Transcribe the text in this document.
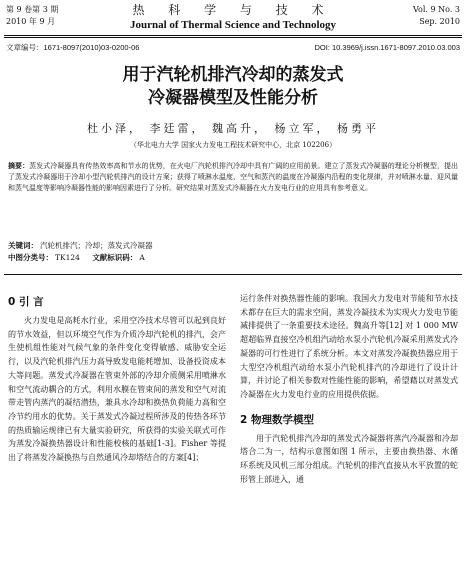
第 9 卷第 3 期
2010 年 9 月
热 科 学 与 技 术
Journal of Thermal Science and Technology
Vol. 9 No. 3
Sep. 2010
文章编号：1671-8097(2010)03-0200-06	DOI: 10.3969/j.issn.1671-8097.2010.03.003
用于汽轮机排汽冷却的蒸发式
冷凝器模型及性能分析
杜小泽， 李廷雷， 魏高升， 杨立军， 杨勇平
（华北电力大学 国家火力发电工程技术研究中心，北京 102206）
摘要：蒸发式冷凝器具有传热效率高和节水的优势，在火电厂汽轮机排汽冷却中具有广阔的应用前景。建立了蒸发式冷凝器的理论分析模型，提出了蒸发式冷凝器用于冷却小型汽轮机排汽的设计方案；获得了喷淋水温度、空气和蒸汽的温度在冷凝器内沿程的变化规律，并对喷淋水量、迎风量和蒸气温度等影响冷凝器性能的影响因素进行了分析。研究结果对蒸发式冷凝器在火力发电行业的应用具有参考意义。
关键词： 汽轮机排汽；冷却；蒸发式冷凝器
中图分类号： TK124 文献标识码： A
0 引 言

火力发电是高耗水行业，采用空冷技术尽管可以起到良好的节水效益，但以环境空气作为介质冷却汽轮机的排汽，会产生使机组性能对气候气象的条件变化变得敏感、威胁安全运行，以及汽轮机排汽压力高导致发电能耗增加、设备投资成本大等问题。蒸发式冷凝器在管束外部的冷却介质侧采用喷淋水和空气流动耦合的方式，利用水膜在管束间的蒸发和空气对流带走管内蒸汽的凝结潜热，兼具水冷却和换热负荷能力高和空冷节约用水的优势。关于蒸发式冷凝过程所涉及的传热各环节的热质输运规律已有大量实验研究，所获得的实验关联式可作为蒸发冷凝换热器设计和性能校核的基础[1-3]。Fisher 等提出了将蒸发冷凝换热与自然通风冷却塔结合的方案[4]；

运行条件对换热器性能的影响。我国火力发电对节能和节水技术都存在巨大的需求空间，蒸发冷凝技术为实现火力发电节能减排提供了一条重要技术途径。魏高升等[12] 对 1 000 MW 超超临界直接空冷机组汽动给水泵小汽轮机冷凝采用蒸发式冷凝器的可行性进行了系统分析。本文对蒸发冷凝换热器应用于大型空冷机组汽动给水泵小汽轮机排汽的冷却进行了设计计算，并讨论了相关参数对性能性能的影响，希望藉以对蒸发式冷凝器在火力发电行业的应用提供依据。

2 物理数学模型

用于汽轮机排汽冷却的蒸发式冷凝器将蒸汽冷凝器和冷却塔合二为一，结构示意图如图 1 所示，主要由换热器、水循环系统及风机三部分组成。汽轮机的排汽直接从水平放置的蛇形管上部进入，通
